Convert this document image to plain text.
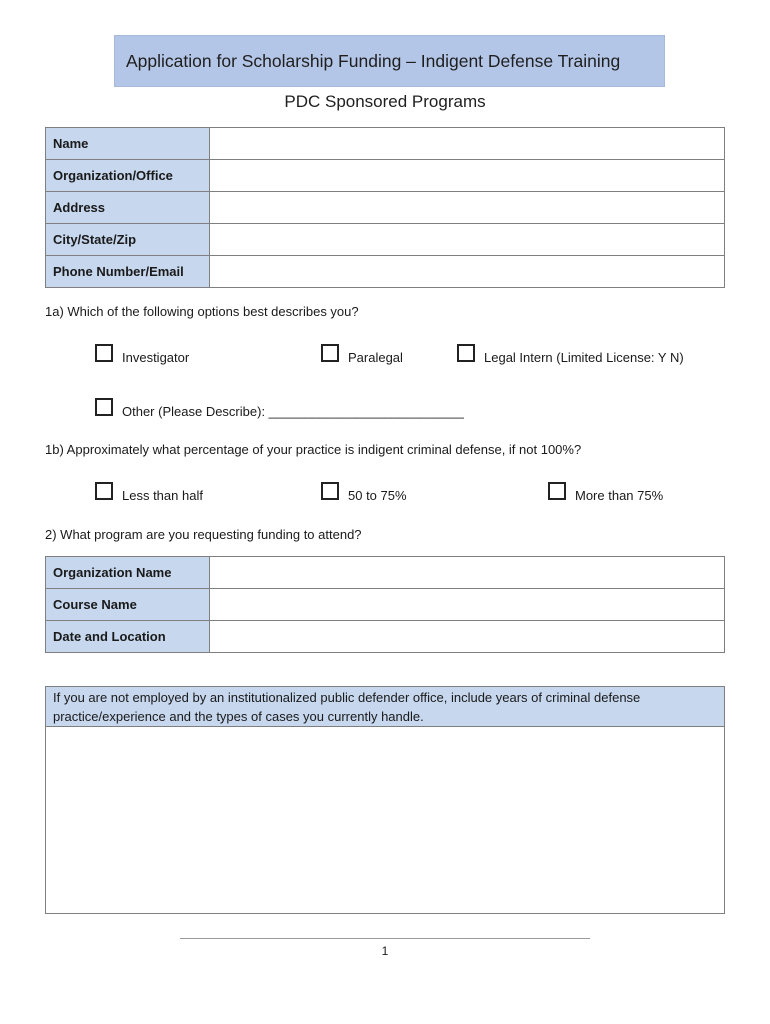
Application for Scholarship Funding – Indigent Defense Training
PDC Sponsored Programs
Name	
Organization/Office	
Address	
City/State/Zip	
Phone Number/Email	
1a) Which of the following options best describes you?
Investigator	Paralegal	Legal Intern (Limited License: Y N)
Other (Please Describe): ___________________________
1b) Approximately what percentage of your practice is indigent criminal defense, if not 100%?
Less than half	50 to 75%	More than 75%
2) What program are you requesting funding to attend?
Organization Name	
Course Name	
Date and Location	
If you are not employed by an institutionalized public defender office, include years of criminal defense practice/experience and the types of cases you currently handle.
1
